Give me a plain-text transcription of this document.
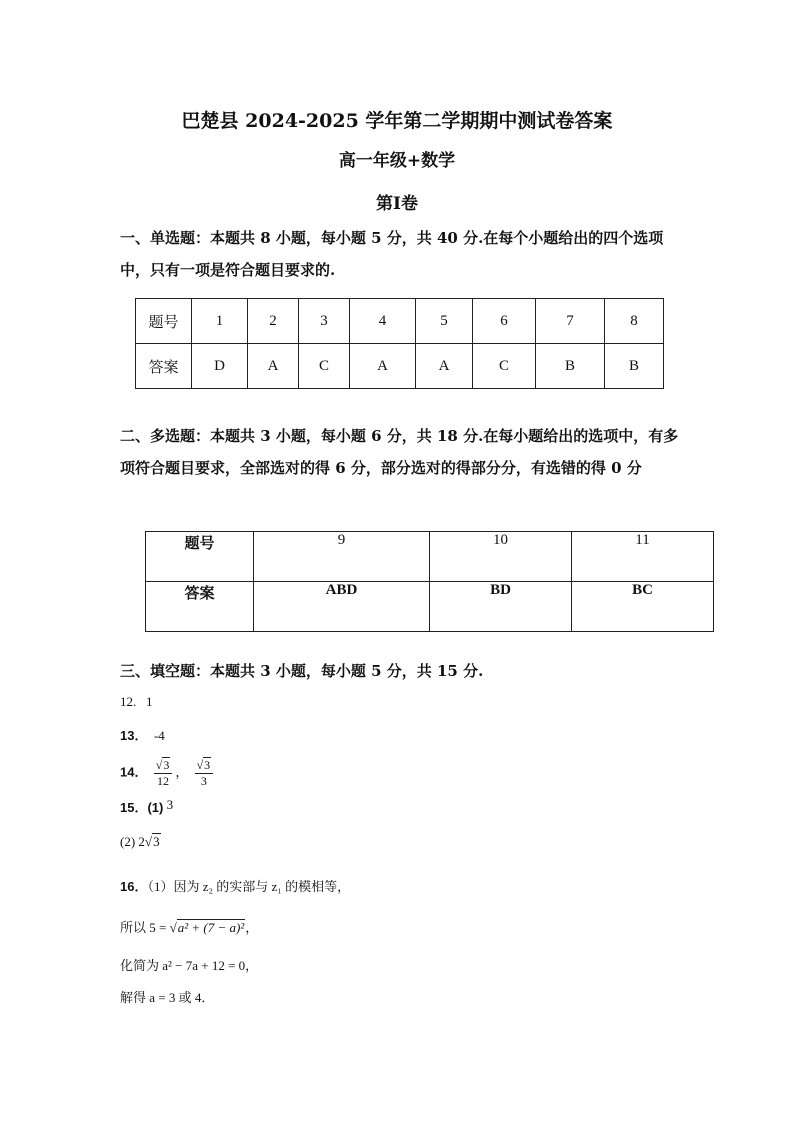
巴楚县 2024-2025 学年第二学期期中测试卷答案
高一年级+数学
第Ⅰ卷
一、单选题：本题共 8 小题，每小题 5 分，共 40 分.在每个小题给出的四个选项中，只有一项是符合题目要求的.
题号	1	2	3	4	5	6	7	8
答案	D	A	C	A	A	C	B	B
二、多选题：本题共 3 小题，每小题 6 分，共 18 分.在每小题给出的选项中，有多项符合题目要求，全部选对的得 6 分，部分选对的得部分分，有选错的得 0 分
题号	9	10	11
答案	ABD	BD	BC
三、填空题：本题共 3 小题，每小题 5 分，共 15 分.
12. 1
13． -4
14． $\frac{√3}{12}$ ， $\frac{√3}{3}$
15．(1) 3
(2) 2√3
16．（1）因为 z₂ 的实部与 z₁ 的模相等，
所以 5 = √a² + (7 − a)²，
化简为 a² − 7a + 12 = 0，
解得 a = 3 或 4．
